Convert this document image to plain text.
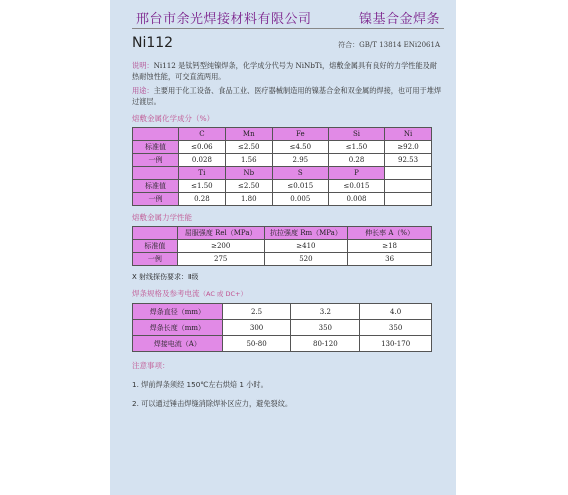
邢台市余光焊接材料有限公司	镍基合金焊条
Ni112	符合：GB/T 13814 ENi2061A

说明：Ni112 是钛钙型纯镍焊条，化学成分代号为 NiNbTi，熔敷金属具有良好的力学性能及耐热耐蚀性能，可交直流两用。

用途：主要用于化工设备、食品工业、医疗器械制造用的镍基合金和双金属的焊接，也可用于堆焊过渡层。

熔敷金属化学成分（%）
	C	Mn	Fe	Si	Ni
标准值	≤0.06	≤2.50	≤4.50	≤1.50	≥92.0
一例	0.028	1.56	2.95	0.28	92.53
	Ti	Nb	S	P	
标准值	≤1.50	≤2.50	≤0.015	≤0.015	
一例	0.28	1.80	0.005	0.008	
熔敷金属力学性能
	屈服强度 Rel（MPa）	抗拉强度 Rm（MPa）	伸长率 A（%）
标准值	≥200	≥410	≥18
一例	275	520	36
X 射线探伤要求：Ⅱ级
焊条规格及参考电流（AC 或 DC+）
焊条直径（mm）	2.5	3.2	4.0
焊条长度（mm）	300	350	350
焊接电流（A）	50-80	80-120	130-170
注意事项：
1. 焊前焊条须经 150℃左右烘焙 1 小时。
2. 可以通过锤击焊缝消除焊补区应力，避免裂纹。
